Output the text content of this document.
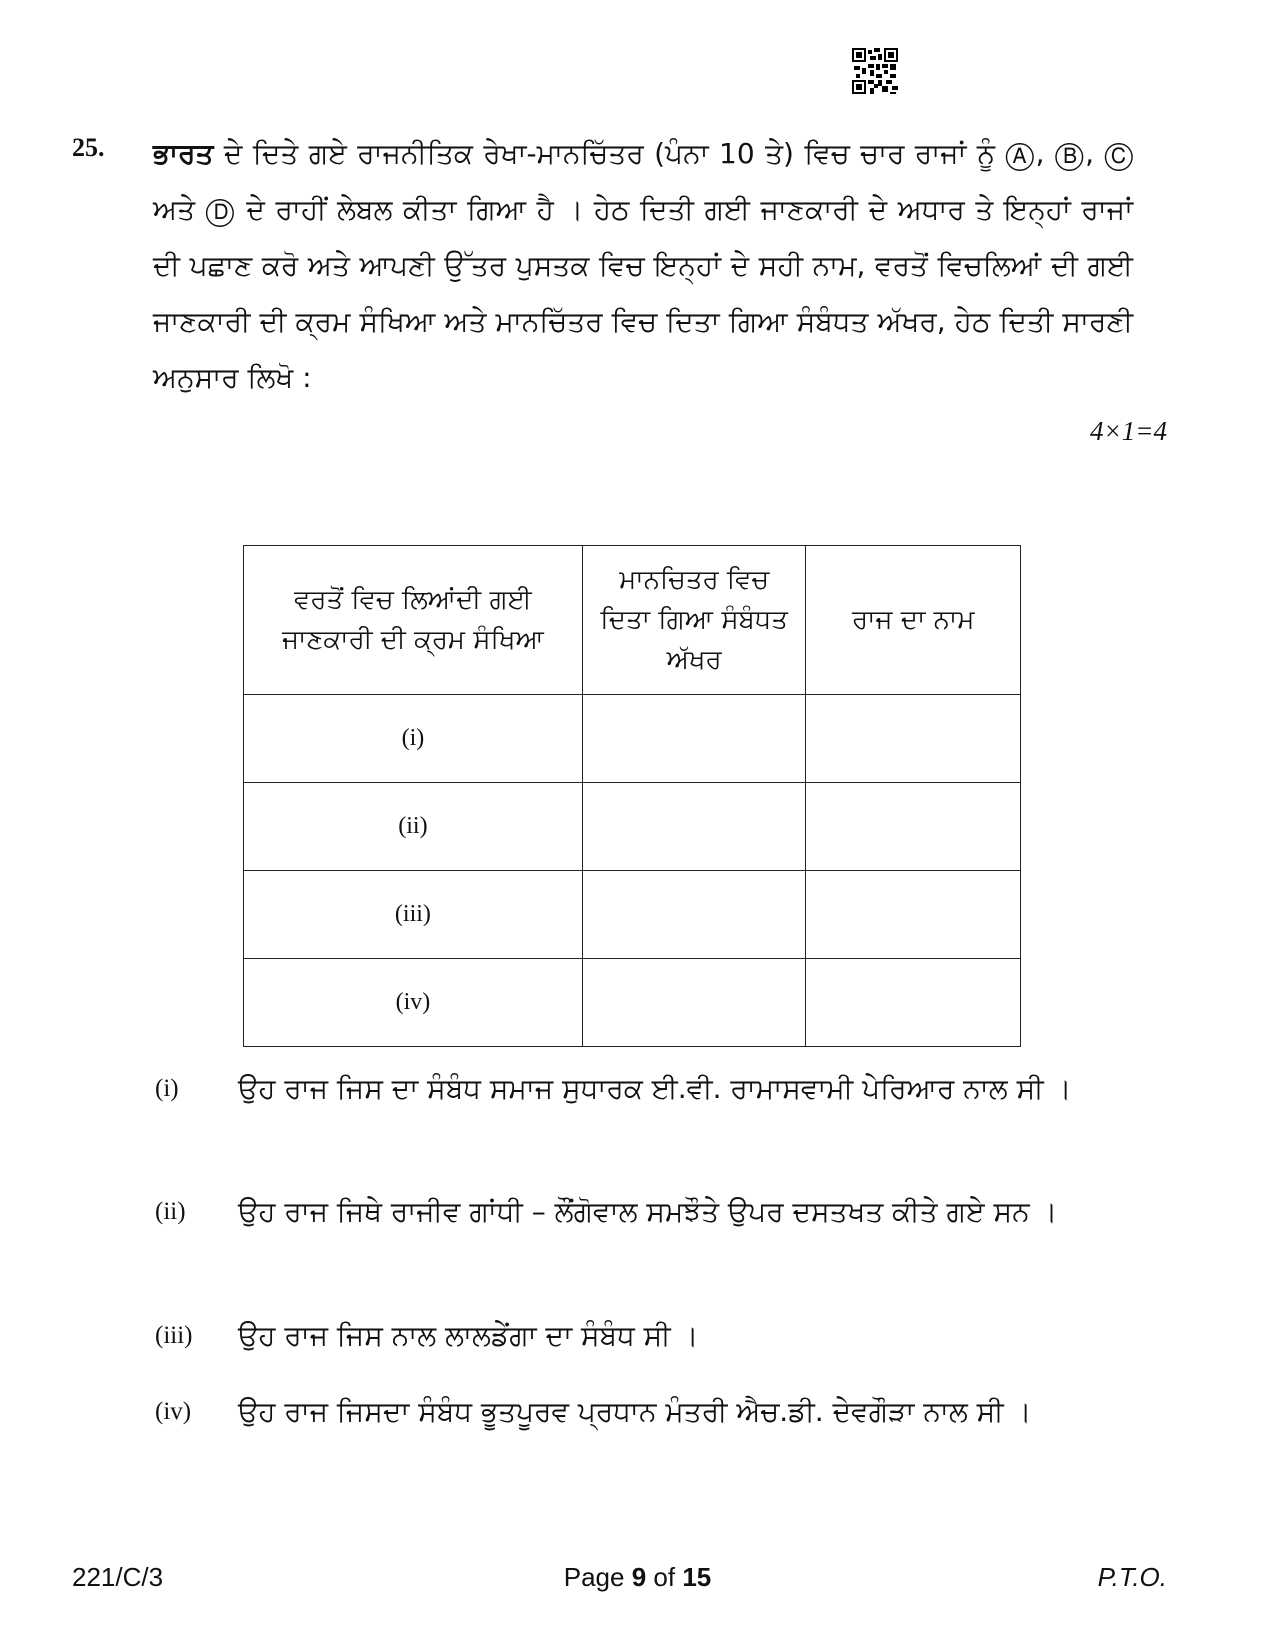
25. ਭਾਰਤ ਦੇ ਦਿਤੇ ਗਏ ਰਾਜਨੀਤਿਕ ਰੇਖਾ-ਮਾਨਚਿੱਤਰ (ਪੰਨਾ 10 ਤੇ) ਵਿਚ ਚਾਰ ਰਾਜਾਂ ਨੂੰ Ⓐ, Ⓑ, Ⓒ ਅਤੇ Ⓓ ਦੇ ਰਾਹੀਂ ਲੇਬਲ ਕੀਤਾ ਗਿਆ ਹੈ । ਹੇਠ ਦਿਤੀ ਗਈ ਜਾਣਕਾਰੀ ਦੇ ਅਧਾਰ ਤੇ ਇਨ੍ਹਾਂ ਰਾਜਾਂ ਦੀ ਪਛਾਣ ਕਰੋ ਅਤੇ ਆਪਣੀ ਉੱਤਰ ਪੁਸਤਕ ਵਿਚ ਇਨ੍ਹਾਂ ਦੇ ਸਹੀ ਨਾਮ, ਵਰਤੋਂ ਵਿਚਲਿਆਂ ਦੀ ਗਈ ਜਾਣਕਾਰੀ ਦੀ ਕ੍ਰਮ ਸੰਖਿਆ ਅਤੇ ਮਾਨਚਿੱਤਰ ਵਿਚ ਦਿਤਾ ਗਿਆ ਸੰਬੰਧਤ ਅੱਖਰ, ਹੇਠ ਦਿਤੀ ਸਾਰਣੀ ਅਨੁਸਾਰ ਲਿਖੋ :
4×1=4
ਵਰਤੋਂ ਵਿਚ ਲਿਆਂਦੀ ਗਈ ਜਾਣਕਾਰੀ ਦੀ ਕ੍ਰਮ ਸੰਖਿਆ	ਮਾਨਚਿਤਰ ਵਿਚ ਦਿਤਾ ਗਿਆ ਸੰਬੰਧਤ ਅੱਖਰ	ਰਾਜ ਦਾ ਨਾਮ
(i)		
(ii)		
(iii)		
(iv)		
(i) ਉਹ ਰਾਜ ਜਿਸ ਦਾ ਸੰਬੰਧ ਸਮਾਜ ਸੁਧਾਰਕ ਈ.ਵੀ. ਰਾਮਾਸਵਾਮੀ ਪੇਰਿਆਰ ਨਾਲ ਸੀ ।
(ii) ਉਹ ਰਾਜ ਜਿਥੇ ਰਾਜੀਵ ਗਾਂਧੀ – ਲੌਂਗੋਵਾਲ ਸਮਝੌਤੇ ਉਪਰ ਦਸਤਖਤ ਕੀਤੇ ਗਏ ਸਨ ।
(iii) ਉਹ ਰਾਜ ਜਿਸ ਨਾਲ ਲਾਲਡੇਂਗਾ ਦਾ ਸੰਬੰਧ ਸੀ ।
(iv) ਉਹ ਰਾਜ ਜਿਸਦਾ ਸੰਬੰਧ ਭੂਤਪੂਰਵ ਪ੍ਰਧਾਨ ਮੰਤਰੀ ਐਚ.ਡੀ. ਦੇਵਗੌੜਾ ਨਾਲ ਸੀ ।
221/C/3	Page 9 of 15	P.T.O.
